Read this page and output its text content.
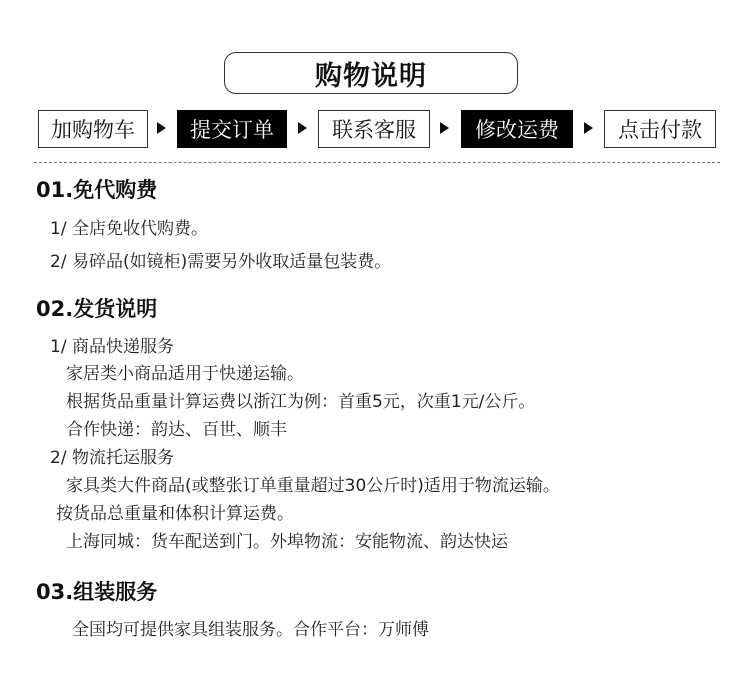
购物说明
加购物车	提交订单	联系客服	修改运费	点击付款
01.免代购费
1/ 全店免收代购费。
2/ 易碎品(如镜柜)需要另外收取适量包装费。
02.发货说明
1/ 商品快递服务
家居类小商品适用于快递运输。
根据货品重量计算运费以浙江为例：首重5元，次重1元/公斤。
合作快递：韵达、百世、顺丰
2/ 物流托运服务
家具类大件商品(或整张订单重量超过30公斤时)适用于物流运输。
按货品总重量和体积计算运费。
上海同城：货车配送到门。外埠物流：安能物流、韵达快运
03.组装服务
全国均可提供家具组装服务。合作平台：万师傅
